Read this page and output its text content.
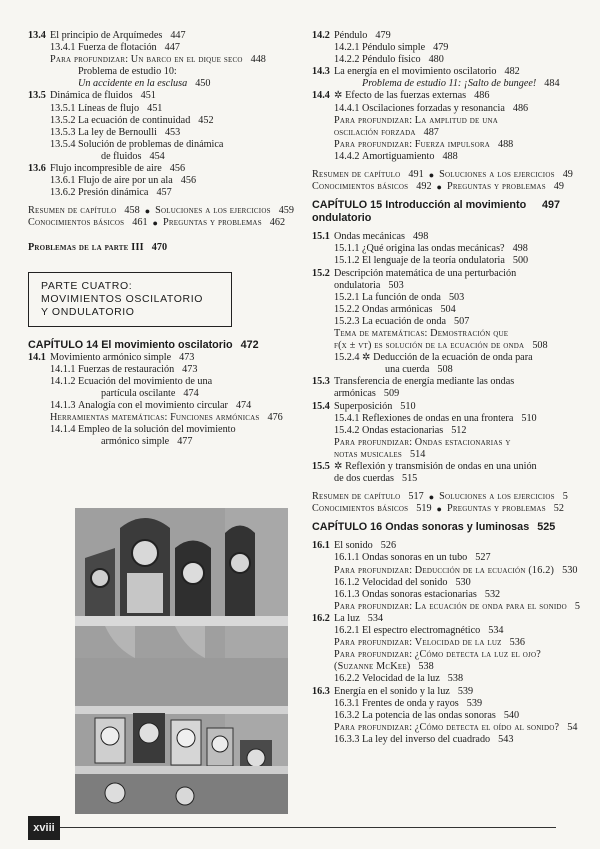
13.4 El principio de Arquímedes 447
13.4.1 Fuerza de flotación 447
Para profundizar:
Un barco en el dique seco 448
Problema de estudio 10:
Un accidente en la esclusa 450
13.5 Dinámica de fluidos 451
13.5.1 Líneas de flujo 451
13.5.2 La ecuación de continuidad 452
13.5.3 La ley de Bernoulli 453
13.5.4 Solución de problemas de dinámica
de fluidos 454
13.6 Flujo incompresible de aire 456
13.6.1 Flujo de aire por un ala 456
13.6.2 Presión dinámica 457
Resumen de capítulo 458 ● Soluciones a los ejercicios 459
Conocimientos básicos 461 ● Preguntas y problemas 462
Problemas de la parte III 470
PARTE CUATRO:
MOVIMIENTOS OSCILATORIO
Y ONDULATORIO
CAPÍTULO 14 El movimiento oscilatorio 472
14.1 Movimiento armónico simple 473
14.1.1 Fuerzas de restauración 473
14.1.2 Ecuación del movimiento de una
partícula oscilante 474
14.1.3 Analogía con el movimiento circular 474
Herramientas matemáticas:
Funciones armónicas 476
14.1.4 Empleo de la solución del movimiento
armónico simple 477
14.2 Péndulo 479
14.2.1 Péndulo simple 479
14.2.2 Péndulo físico 480
14.3 La energía en el movimiento oscilatorio 482
Problema de estudio 11: ¡Salto de bungee! 484
14.4 ✲ Efecto de las fuerzas externas 486
14.4.1 Oscilaciones forzadas y resonancia 486
Para profundizar:
La amplitud de una
oscilación forzada 487
Para profundizar:
Fuerza impulsora 488
14.4.2 Amortiguamiento 488
Resumen de capítulo 491 ● Soluciones a los ejercicios 49
Conocimientos básicos 492 ● Preguntas y problemas 49
CAPÍTULO 15 Introducción al movimiento ondulatorio
497
15.1 Ondas mecánicas 498
15.1.1 ¿Qué origina las ondas mecánicas? 498
15.1.2 El lenguaje de la teoría ondulatoria 500
15.2 Descripción matemática de una perturbación
ondulatoria 503
15.2.1 La función de onda 503
15.2.2 Ondas armónicas 504
15.2.3 La ecuación de onda 507
Tema de matemáticas:
Demostración que
f(x ± vt) es solución de la ecuación de onda 508
15.2.4 ✲ Deducción de la ecuación de onda para
una cuerda 508
15.3 Transferencia de energía mediante las ondas
armónicas 509
15.4 Superposición 510
15.4.1 Reflexiones de ondas en una frontera 510
15.4.2 Ondas estacionarias 512
Para profundizar:
Ondas estacionarias y
notas musicales 514
15.5 ✲ Reflexión y transmisión de ondas en una unión
de dos cuerdas 515
Resumen de capítulo 517 ● Soluciones a los ejercicios 5
Conocimientos básicos 519 ● Preguntas y problemas 52
CAPÍTULO 16 Ondas sonoras y luminosas 525
16.1 El sonido 526
16.1.1 Ondas sonoras en un tubo 527
Para profundizar:
Deducción de la ecuación (16.2) 530
16.1.2 Velocidad del sonido 530
16.1.3 Ondas sonoras estacionarias 532
Para profundizar:
La ecuación de onda para el sonido 5
16.2 La luz 534
16.2.1 El espectro electromagnético 534
Para profundizar:
Velocidad de la luz 536
Para profundizar:
¿Cómo detecta la luz el ojo?
(Suzanne McKee) 538
16.2.2 Velocidad de la luz 538
16.3 Energía en el sonido y la luz 539
16.3.1 Frentes de onda y rayos 539
16.3.2 La potencia de las ondas sonoras 540
Para profundizar:
¿Cómo detecta el oído al sonido? 54
16.3.3 La ley del inverso del cuadrado 543
xviii
